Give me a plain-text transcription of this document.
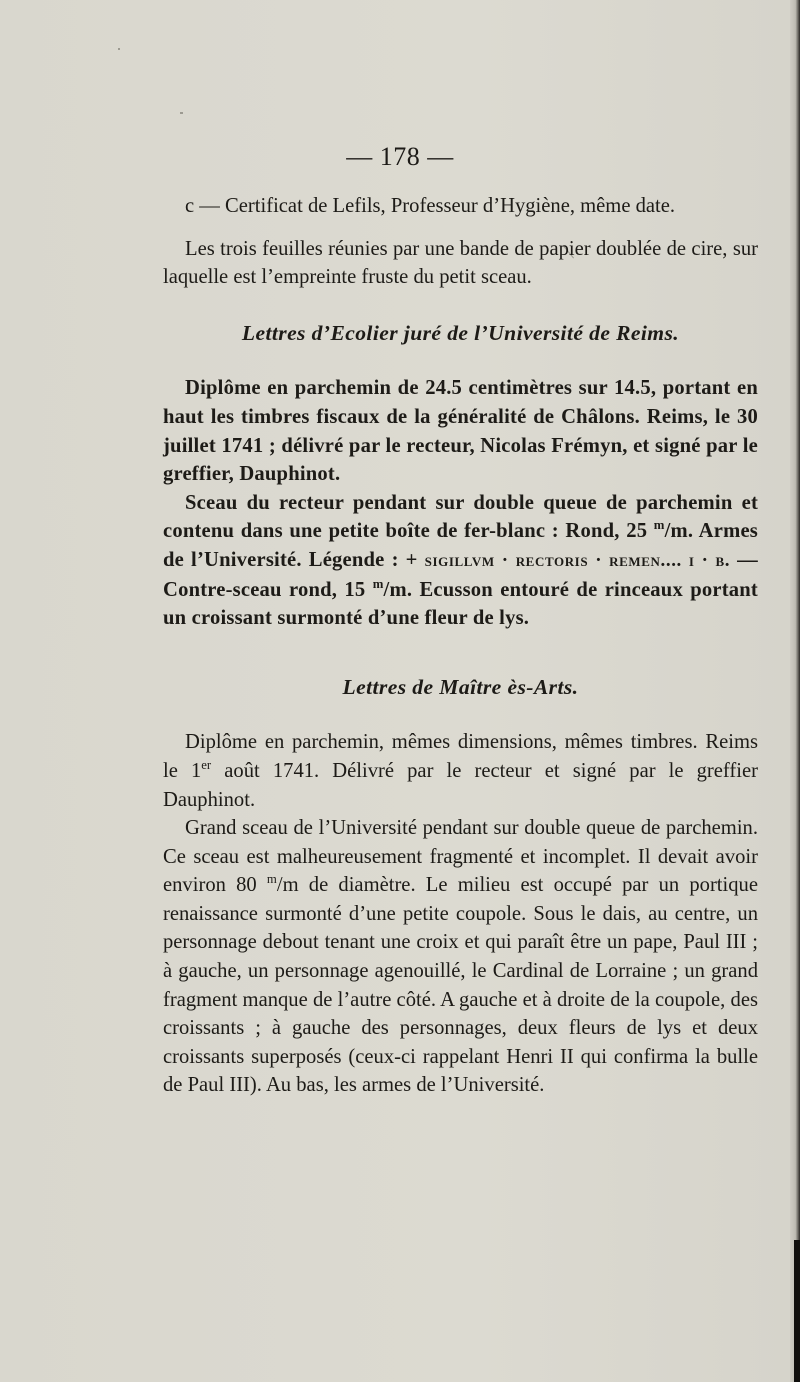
— 178 —

c — Certificat de Lefils, Professeur d’Hygiène, même date.

Les trois feuilles réunies par une bande de papier doublée de cire, sur laquelle est l’empreinte fruste du petit sceau.

Lettres d’Ecolier juré de l’Université de Reims.

Diplôme en parchemin de 24.5 centimètres sur 14.5, portant en haut les timbres fiscaux de la généralité de Châlons. Reims, le 30 juillet 1741 ; délivré par le recteur, Nicolas Frémyn, et signé par le greffier, Dauphinot.

Sceau du recteur pendant sur double queue de parchemin et contenu dans une petite boîte de fer-blanc : Rond, 25 $^m$/m. Armes de l’Université. Légende : + sigillvm · rectoris · remen.... i · b. — Contre-sceau rond, 15 $^m$/m. Ecusson entouré de rinceaux portant un croissant surmonté d’une fleur de lys.

Lettres de Maître ès-Arts.

Diplôme en parchemin, mêmes dimensions, mêmes timbres. Reims le 1er août 1741. Délivré par le recteur et signé par le greffier Dauphinot.

Grand sceau de l’Université pendant sur double queue de parchemin. Ce sceau est malheureusement fragmenté et incomplet. Il devait avoir environ 80 $^m$/m de diamètre. Le milieu est occupé par un portique renaissance surmonté d’une petite coupole. Sous le dais, au centre, un personnage debout tenant une croix et qui paraît être un pape, Paul III ; à gauche, un personnage agenouillé, le Cardinal de Lorraine ; un grand fragment manque de l’autre côté. A gauche et à droite de la coupole, des croissants ; à gauche des personnages, deux fleurs de lys et deux croissants superposés (ceux-ci rappelant Henri II qui confirma la bulle de Paul III). Au bas, les armes de l’Université.
